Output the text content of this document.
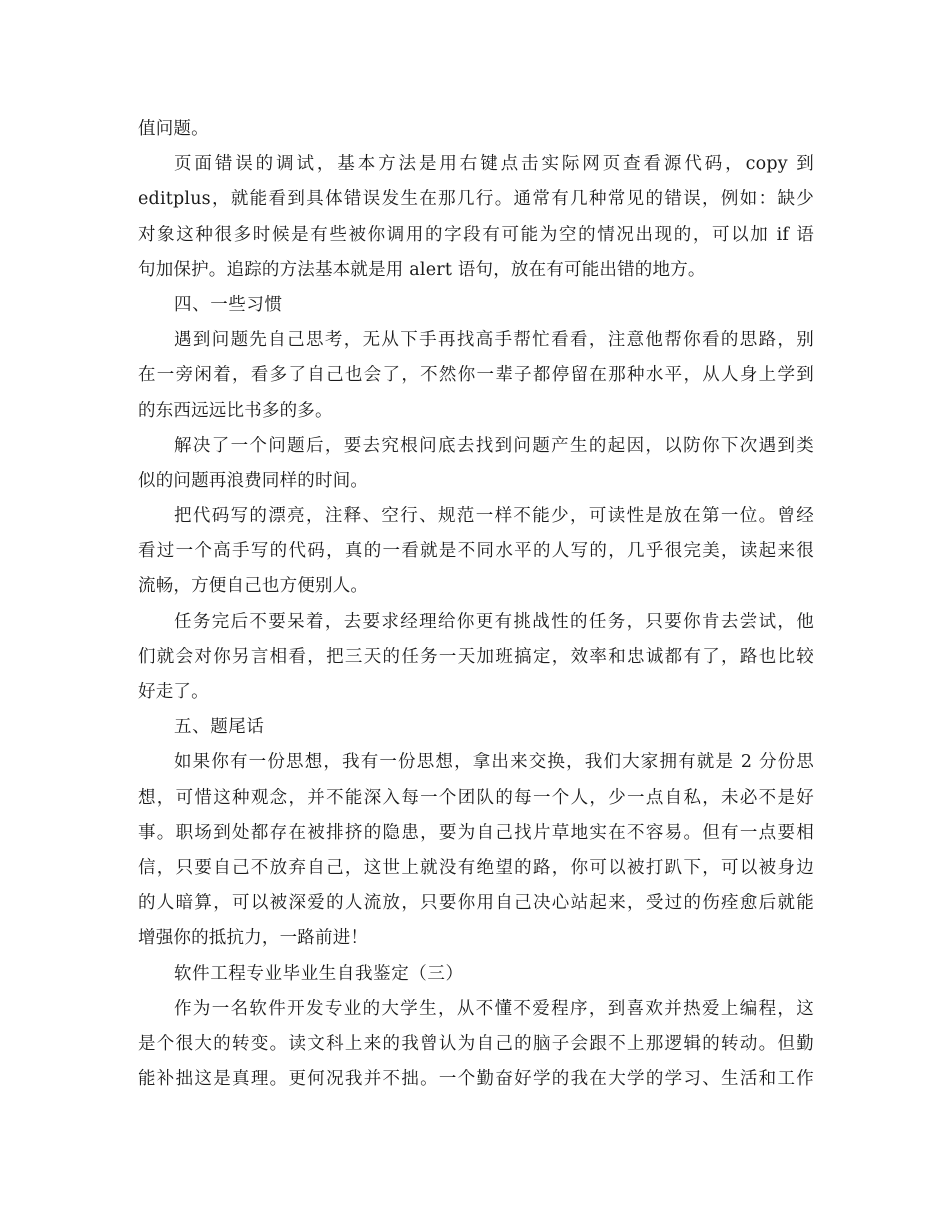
值问题。
页面错误的调试，基本方法是用右键点击实际网页查看源代码，copy 到
editplus，就能看到具体错误发生在那几行。通常有几种常见的错误，例如：缺少
对象这种很多时候是有些被你调用的字段有可能为空的情况出现的，可以加 if 语
句加保护。追踪的方法基本就是用 alert 语句，放在有可能出错的地方。
四、一些习惯
遇到问题先自己思考，无从下手再找高手帮忙看看，注意他帮你看的思路，别
在一旁闲着，看多了自己也会了，不然你一辈子都停留在那种水平，从人身上学到
的东西远远比书多的多。
解决了一个问题后，要去究根问底去找到问题产生的起因，以防你下次遇到类
似的问题再浪费同样的时间。
把代码写的漂亮，注释、空行、规范一样不能少，可读性是放在第一位。曾经
看过一个高手写的代码，真的一看就是不同水平的人写的，几乎很完美，读起来很
流畅，方便自己也方便别人。
任务完后不要呆着，去要求经理给你更有挑战性的任务，只要你肯去尝试，他
们就会对你另言相看，把三天的任务一天加班搞定，效率和忠诚都有了，路也比较
好走了。
五、题尾话
如果你有一份思想，我有一份思想，拿出来交换，我们大家拥有就是 2 分份思
想，可惜这种观念，并不能深入每一个团队的每一个人，少一点自私，未必不是好
事。职场到处都存在被排挤的隐患，要为自己找片草地实在不容易。但有一点要相
信，只要自己不放弃自己，这世上就没有绝望的路，你可以被打趴下，可以被身边
的人暗算，可以被深爱的人流放，只要你用自己决心站起来，受过的伤痊愈后就能
增强你的抵抗力，一路前进！
软件工程专业毕业生自我鉴定（三）
作为一名软件开发专业的大学生，从不懂不爱程序，到喜欢并热爱上编程，这
是个很大的转变。读文科上来的我曾认为自己的脑子会跟不上那逻辑的转动。但勤
能补拙这是真理。更何况我并不拙。一个勤奋好学的我在大学的学习、生活和工作
